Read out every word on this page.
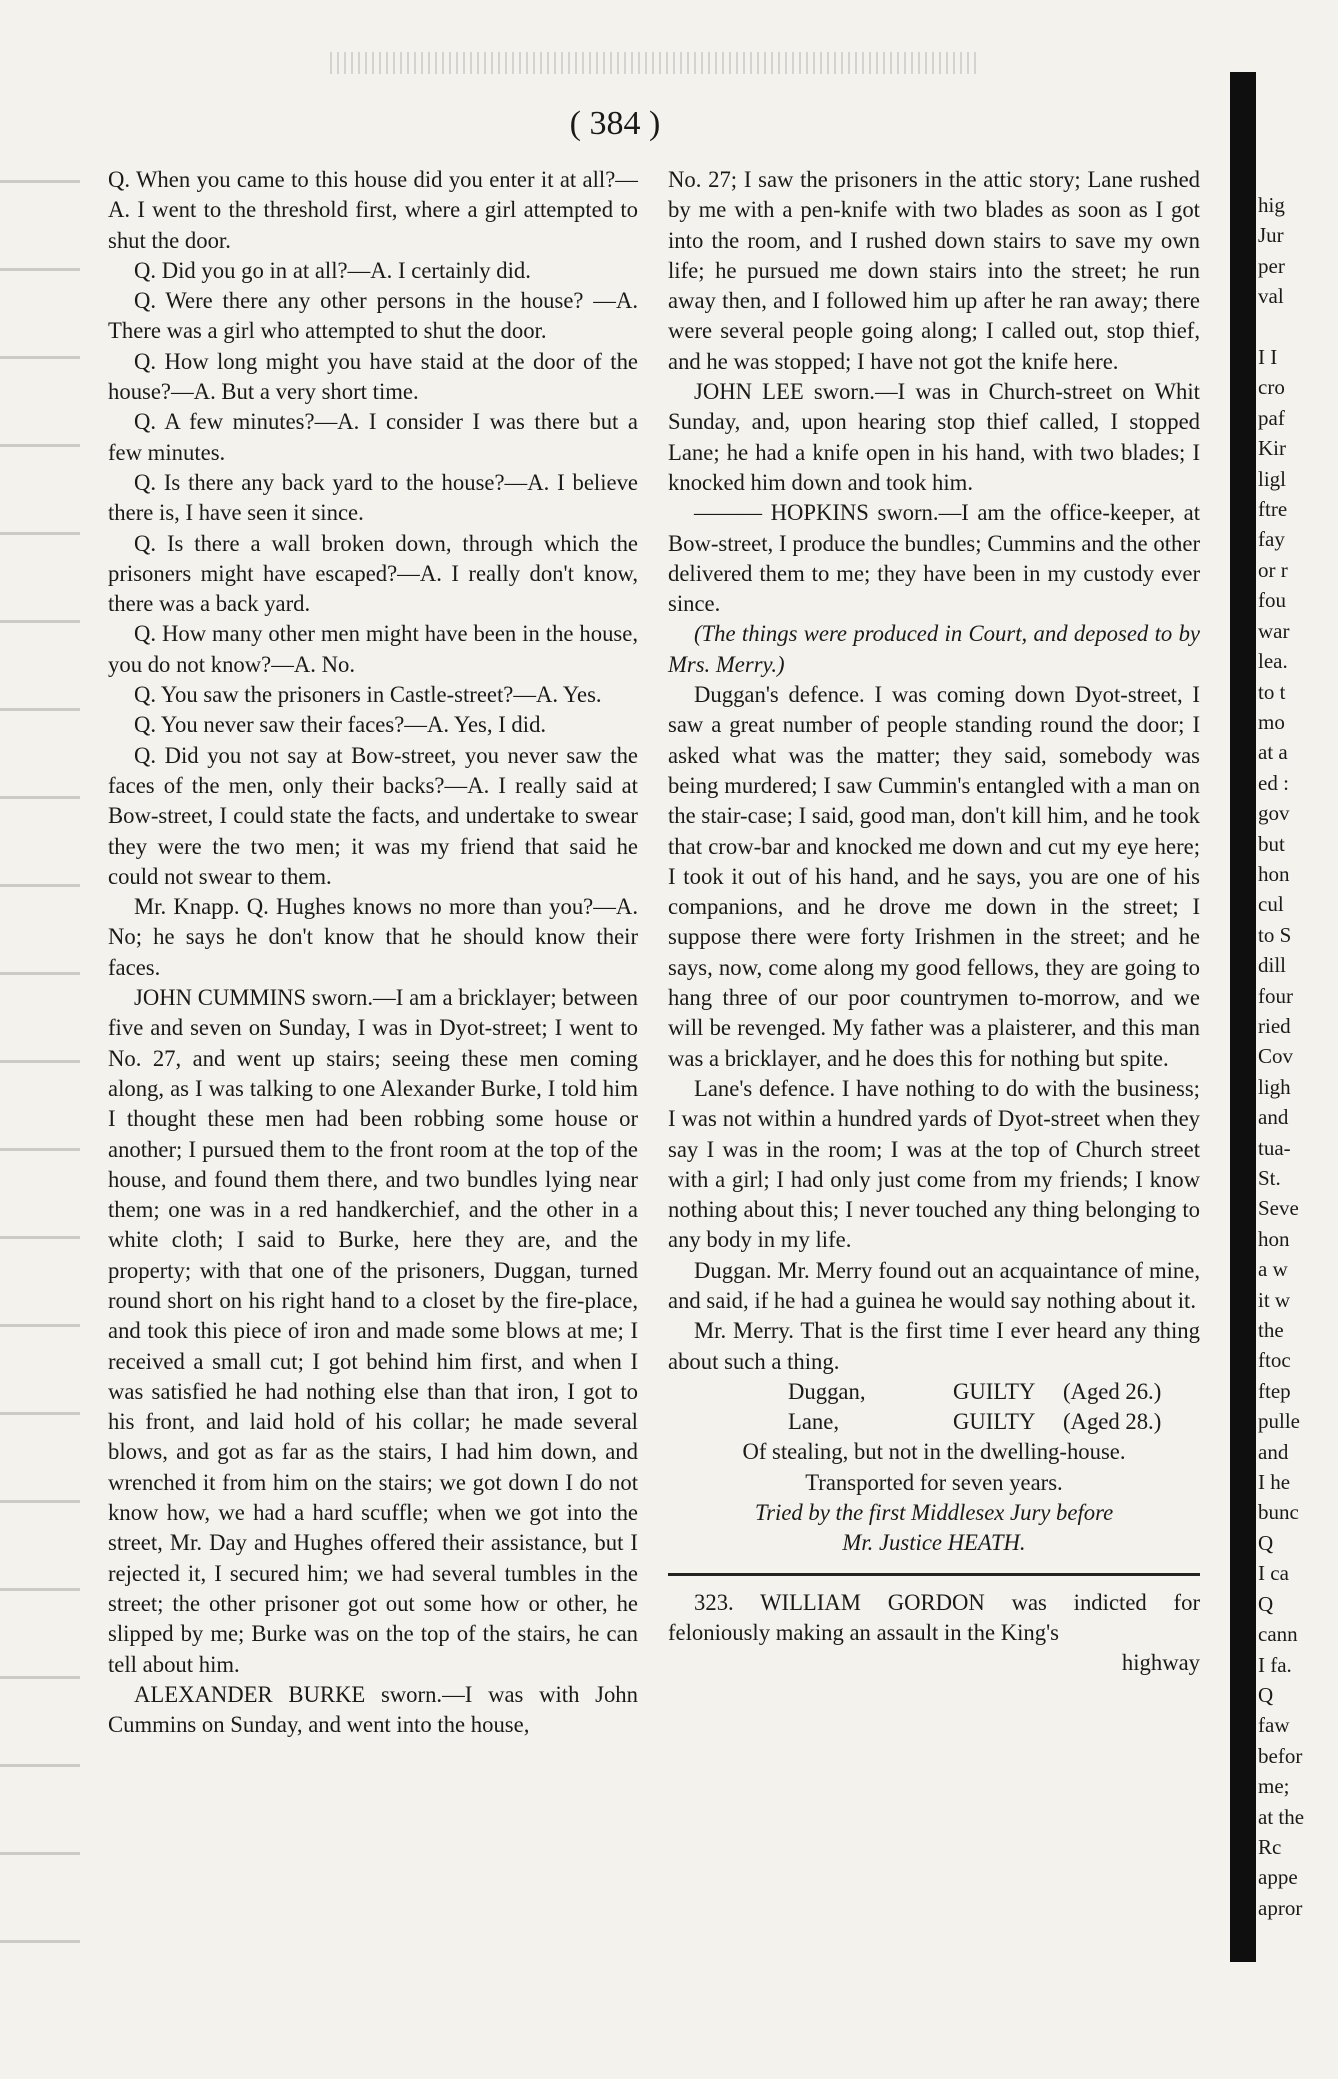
( 384 )

Q. When you came to this house did you enter it at all?—A. I went to the threshold first, where a girl attempted to shut the door.

Q. Did you go in at all?—A. I certainly did.

Q. Were there any other persons in the house? —A. There was a girl who attempted to shut the door.

Q. How long might you have staid at the door of the house?—A. But a very short time.

Q. A few minutes?—A. I consider I was there but a few minutes.

Q. Is there any back yard to the house?—A. I believe there is, I have seen it since.

Q. Is there a wall broken down, through which the prisoners might have escaped?—A. I really don't know, there was a back yard.

Q. How many other men might have been in the house, you do not know?—A. No.

Q. You saw the prisoners in Castle-street?—A. Yes.

Q. You never saw their faces?—A. Yes, I did.

Q. Did you not say at Bow-street, you never saw the faces of the men, only their backs?—A. I really said at Bow-street, I could state the facts, and undertake to swear they were the two men; it was my friend that said he could not swear to them.

Mr. Knapp. Q. Hughes knows no more than you?—A. No; he says he don't know that he should know their faces.

JOHN CUMMINS sworn.—I am a bricklayer; between five and seven on Sunday, I was in Dyot-street; I went to No. 27, and went up stairs; seeing these men coming along, as I was talking to one Alexander Burke, I told him I thought these men had been robbing some house or another; I pursued them to the front room at the top of the house, and found them there, and two bundles lying near them; one was in a red handkerchief, and the other in a white cloth; I said to Burke, here they are, and the property; with that one of the prisoners, Duggan, turned round short on his right hand to a closet by the fire-place, and took this piece of iron and made some blows at me; I received a small cut; I got behind him first, and when I was satisfied he had nothing else than that iron, I got to his front, and laid hold of his collar; he made several blows, and got as far as the stairs, I had him down, and wrenched it from him on the stairs; we got down I do not know how, we had a hard scuffle; when we got into the street, Mr. Day and Hughes offered their assistance, but I rejected it, I secured him; we had several tumbles in the street; the other prisoner got out some how or other, he slipped by me; Burke was on the top of the stairs, he can tell about him.

ALEXANDER BURKE sworn.—I was with John Cummins on Sunday, and went into the house,

No. 27; I saw the prisoners in the attic story; Lane rushed by me with a pen-knife with two blades as soon as I got into the room, and I rushed down stairs to save my own life; he pursued me down stairs into the street; he run away then, and I followed him up after he ran away; there were several people going along; I called out, stop thief, and he was stopped; I have not got the knife here.

JOHN LEE sworn.—I was in Church-street on Whit Sunday, and, upon hearing stop thief called, I stopped Lane; he had a knife open in his hand, with two blades; I knocked him down and took him.

——— HOPKINS sworn.—I am the office-keeper, at Bow-street, I produce the bundles; Cummins and the other delivered them to me; they have been in my custody ever since.

(The things were produced in Court, and deposed to by Mrs. Merry.)

Duggan's defence. I was coming down Dyot-street, I saw a great number of people standing round the door; I asked what was the matter; they said, somebody was being murdered; I saw Cummin's entangled with a man on the stair-case; I said, good man, don't kill him, and he took that crow-bar and knocked me down and cut my eye here; I took it out of his hand, and he says, you are one of his companions, and he drove me down in the street; I suppose there were forty Irishmen in the street; and he says, now, come along my good fellows, they are going to hang three of our poor countrymen to-morrow, and we will be revenged. My father was a plaisterer, and this man was a bricklayer, and he does this for nothing but spite.

Lane's defence. I have nothing to do with the business; I was not within a hundred yards of Dyot-street when they say I was in the room; I was at the top of Church street with a girl; I had only just come from my friends; I know nothing about this; I never touched any thing belonging to any body in my life.

Duggan. Mr. Merry found out an acquaintance of mine, and said, if he had a guinea he would say nothing about it.

Mr. Merry. That is the first time I ever heard any thing about such a thing.

Duggan,	GUILTY	(Aged 26.)
Lane,	GUILTY	(Aged 28.)

Of stealing, but not in the dwelling-house.

Transported for seven years.

Tried by the first Middlesex Jury before

Mr. Justice HEATH.

323. WILLIAM GORDON was indicted for feloniously making an assault in the King's

highway

hig
Jur
per
val

I I
cro
paf
Kir
ligl
ftre
fay
or r
fou
war
lea.
to t
mo
at a
ed :
gov
but
hon
cul
to S
dill
four
ried
Cov
ligh
and
tua-
St.
Seve
hon
a w
it w
the
ftoc
ftep
pulle
and
I he
bunc
Q
I ca
Q
cann
I fa.
Q
faw
befor
me;
at the
Rc
appe
apror
